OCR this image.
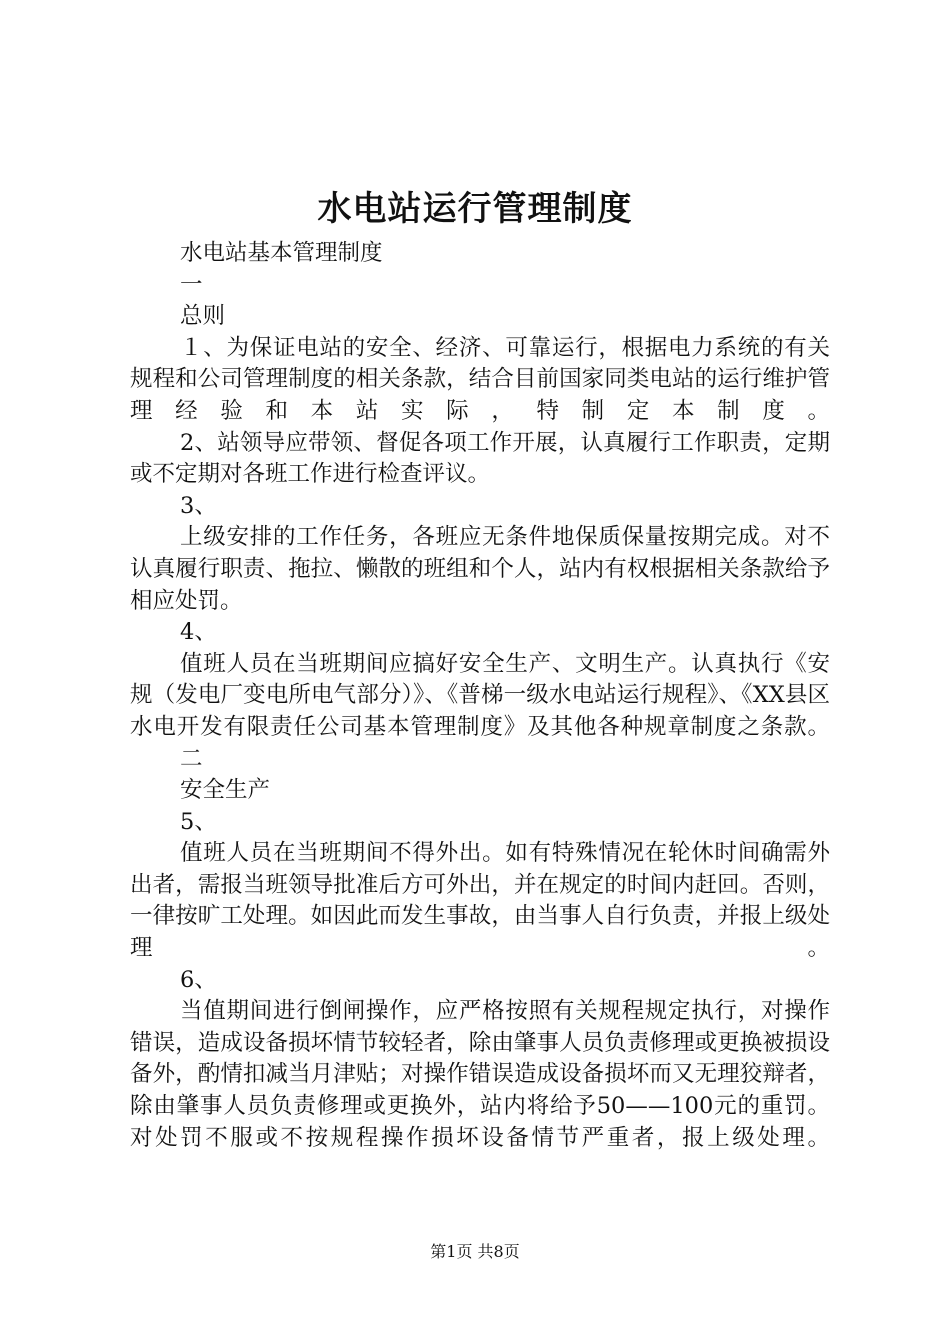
水电站运行管理制度

水电站基本管理制度

一

总则

１、为保证电站的安全、经济、可靠运行，根据电力系统的有关规程和公司管理制度的相关条款，结合目前国家同类电站的运行维护管理经验和本站实际，特制定本制度。

2、站领导应带领、督促各项工作开展，认真履行工作职责，定期或不定期对各班工作进行检查评议。

3、

上级安排的工作任务，各班应无条件地保质保量按期完成。对不认真履行职责、拖拉、懒散的班组和个人，站内有权根据相关条款给予相应处罚。

4、

值班人员在当班期间应搞好安全生产、文明生产。认真执行《安规（发电厂变电所电气部分）》、《普梯一级水电站运行规程》、《XX县区水电开发有限责任公司基本管理制度》及其他各种规章制度之条款。

二

安全生产

5、

值班人员在当班期间不得外出。如有特殊情况在轮休时间确需外出者，需报当班领导批准后方可外出，并在规定的时间内赶回。否则，一律按旷工处理。如因此而发生事故，由当事人自行负责，并报上级处理。

6、

当值期间进行倒闸操作，应严格按照有关规程规定执行，对操作错误，造成设备损坏情节较轻者，除由肇事人员负责修理或更换被损设备外，酌情扣减当月津贴；对操作错误造成设备损坏而又无理狡辩者，除由肇事人员负责修理或更换外，站内将给予50——100元的重罚。对处罚不服或不按规程操作损坏设备情节严重者，报上级处理。

第1页 共8页
